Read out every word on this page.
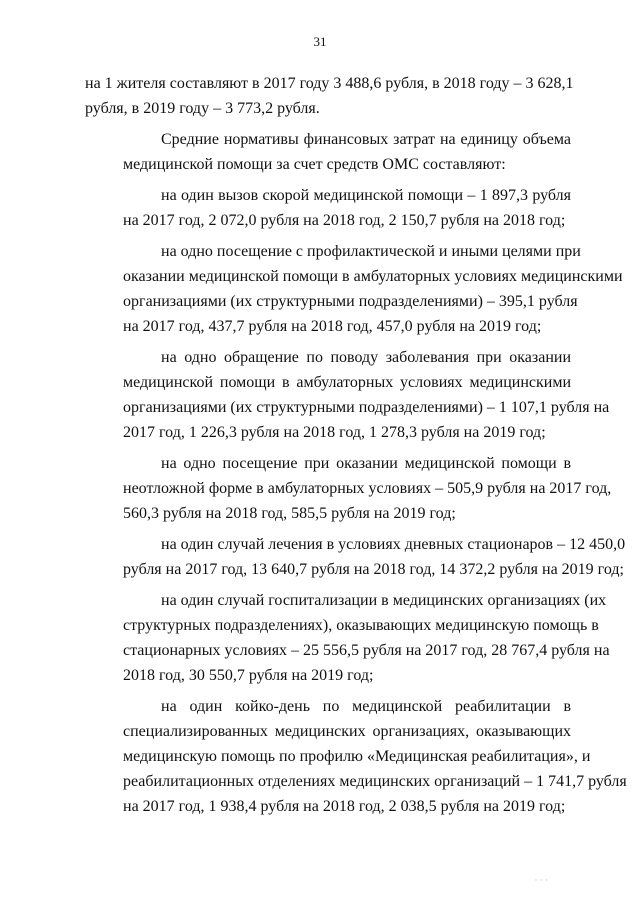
31
на 1 жителя составляют в 2017 году 3 488,6 рубля, в 2018 году – 3 628,1
рубля, в 2019 году – 3 773,2 рубля.
Средние нормативы финансовых затрат на единицу объема
медицинской помощи за счет средств ОМС составляют:
на один вызов скорой медицинской помощи – 1 897,3 рубля
на 2017 год, 2 072,0 рубля на 2018 год, 2 150,7 рубля на 2018 год;
на одно посещение с профилактической и иными целями при
оказании медицинской помощи в амбулаторных условиях медицинскими
организациями (их структурными подразделениями) – 395,1 рубля
на 2017 год, 437,7 рубля на 2018 год, 457,0 рубля на 2019 год;
на одно обращение по поводу заболевания при оказании
медицинской помощи в амбулаторных условиях медицинскими
организациями (их структурными подразделениями) – 1 107,1 рубля на
2017 год, 1 226,3 рубля на 2018 год, 1 278,3 рубля на 2019 год;
на одно посещение при оказании медицинской помощи в
неотложной форме в амбулаторных условиях – 505,9 рубля на 2017 год,
560,3 рубля на 2018 год, 585,5 рубля на 2019 год;
на один случай лечения в условиях дневных стационаров – 12 450,0
рубля на 2017 год, 13 640,7 рубля на 2018 год, 14 372,2 рубля на 2019 год;
на один случай госпитализации в медицинских организациях (их
структурных подразделениях), оказывающих медицинскую помощь в
стационарных условиях – 25 556,5 рубля на 2017 год, 28 767,4 рубля на
2018 год, 30 550,7 рубля на 2019 год;
на один койко-день по медицинской реабилитации в
специализированных медицинских организациях, оказывающих
медицинскую помощь по профилю «Медицинская реабилитация», и
реабилитационных отделениях медицинских организаций – 1 741,7 рубля
на 2017 год, 1 938,4 рубля на 2018 год, 2 038,5 рубля на 2019 год;
· · ·
